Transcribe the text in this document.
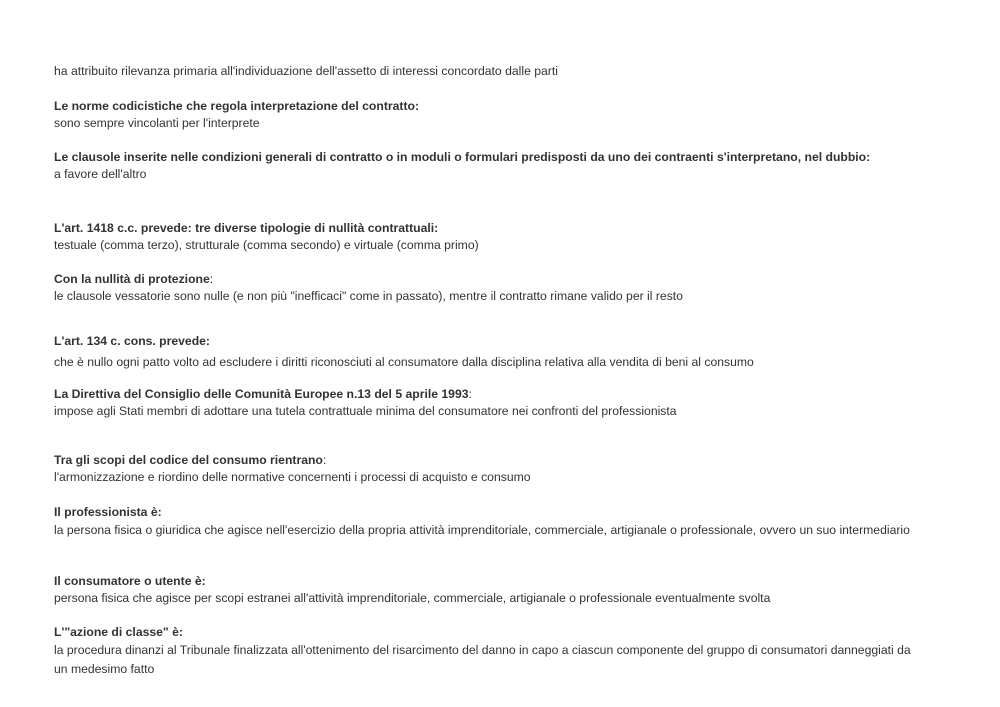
ha attribuito rilevanza primaria all'individuazione dell'assetto di interessi concordato dalle parti

Le norme codicistiche che regola interpretazione del contratto:

sono sempre vincolanti per l'interprete

Le clausole inserite nelle condizioni generali di contratto o in moduli o formulari predisposti da uno dei contraenti s'interpretano, nel dubbio:

a favore dell'altro

L'art. 1418 c.c. prevede: tre diverse tipologie di nullità contrattuali:

testuale (comma terzo), strutturale (comma secondo) e virtuale (comma primo)

Con la nullità di protezione:

le clausole vessatorie sono nulle (e non più "inefficaci" come in passato), mentre il contratto rimane valido per il resto

L'art. 134 c. cons. prevede:

che è nullo ogni patto volto ad escludere i diritti riconosciuti al consumatore dalla disciplina relativa alla vendita di beni al consumo

La Direttiva del Consiglio delle Comunità Europee n.13 del 5 aprile 1993:

impose agli Stati membri di adottare una tutela contrattuale minima del consumatore nei confronti del professionista

Tra gli scopi del codice del consumo rientrano:

l'armonizzazione e riordino delle normative concernenti i processi di acquisto e consumo

Il professionista è:

la persona fisica o giuridica che agisce nell'esercizio della propria attività imprenditoriale, commerciale, artigianale o professionale, ovvero un suo intermediario

Il consumatore o utente è:

persona fisica che agisce per scopi estranei all'attività imprenditoriale, commerciale, artigianale o professionale eventualmente svolta

L'"azione di classe" è:

la procedura dinanzi al Tribunale finalizzata all'ottenimento del risarcimento del danno in capo a ciascun componente del gruppo di consumatori danneggiati da un medesimo fatto
